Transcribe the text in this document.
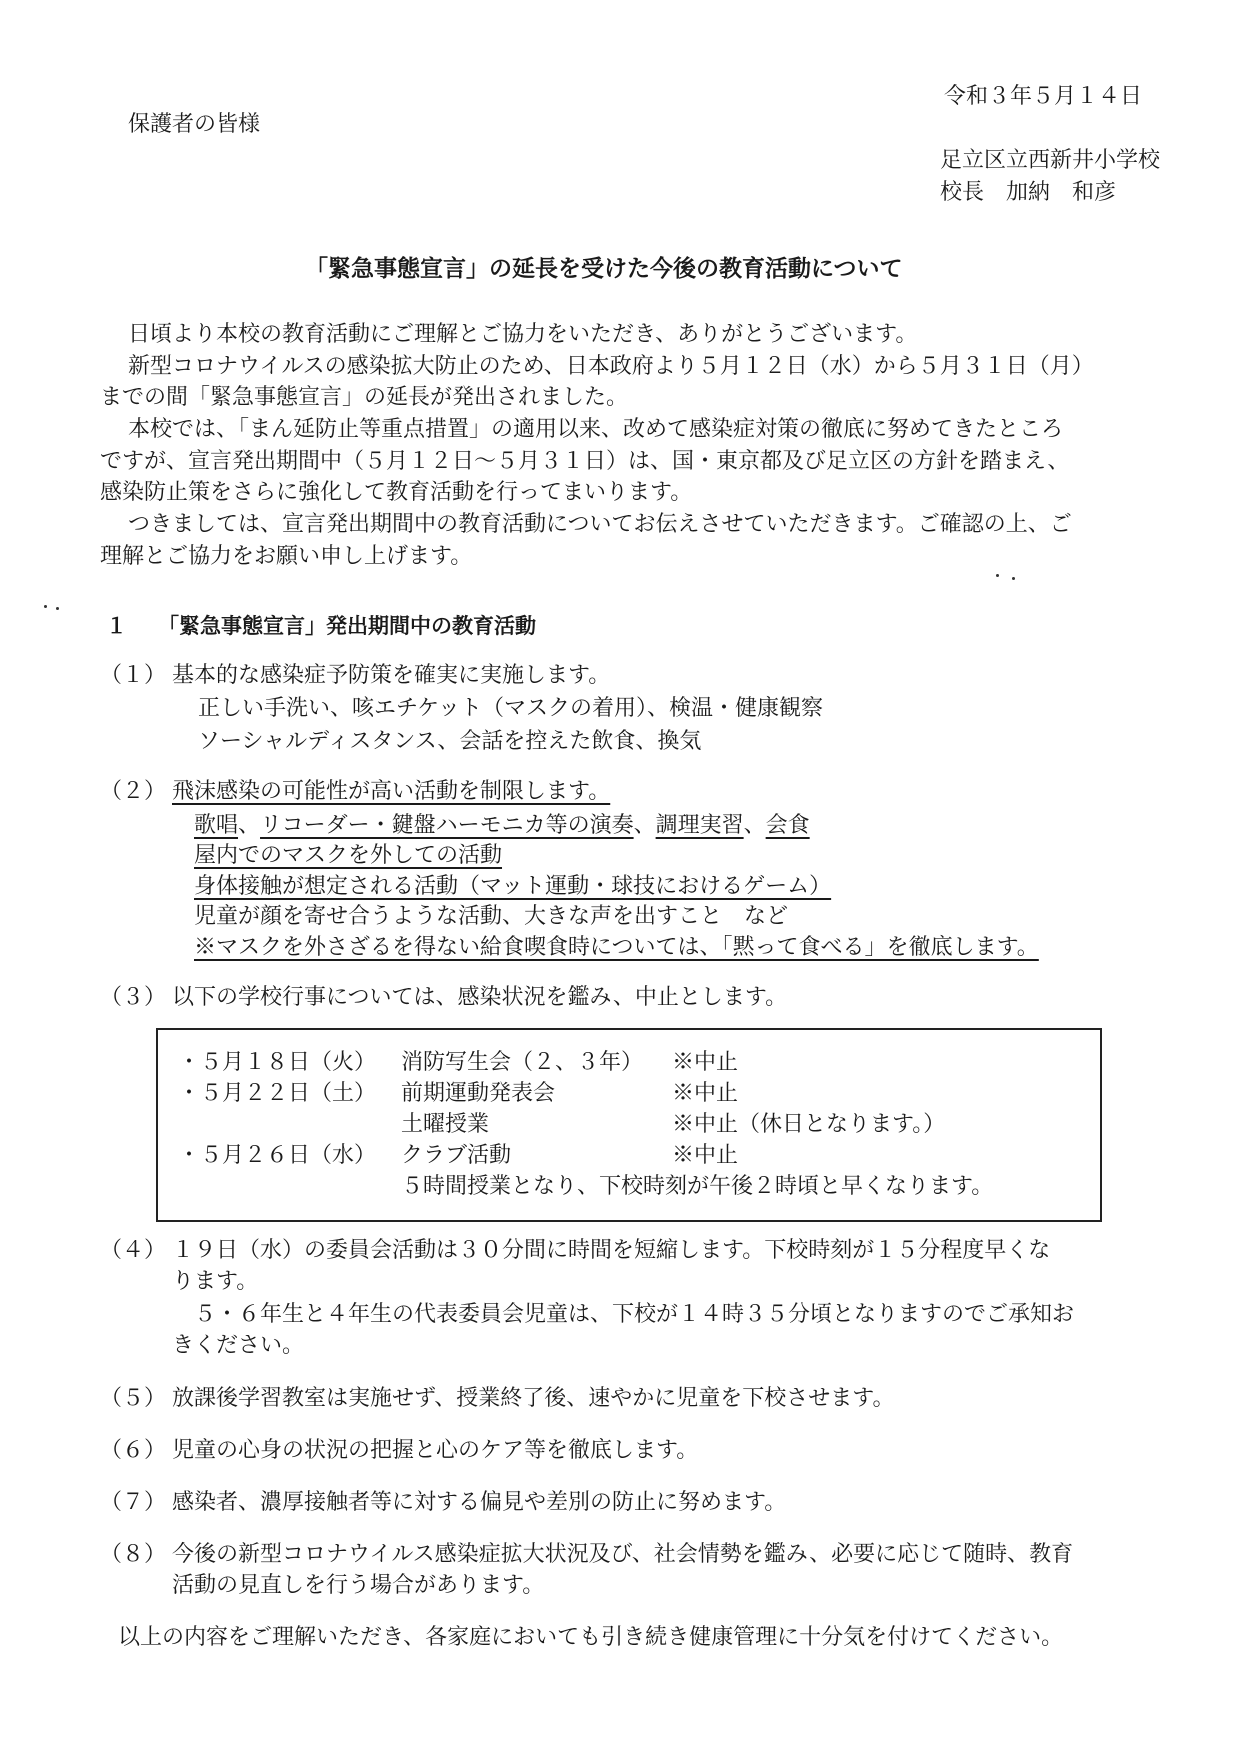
保護者の皆様
令和３年５月１４日
足立区立西新井小学校
校長　加納　和彦
「緊急事態宣言」の延長を受けた今後の教育活動について
日頃より本校の教育活動にご理解とご協力をいただき、ありがとうございます。
新型コロナウイルスの感染拡大防止のため、日本政府より５月１２日（水）から５月３１日（月）
までの間「緊急事態宣言」の延長が発出されました。
本校では、「まん延防止等重点措置」の適用以来、改めて感染症対策の徹底に努めてきたところ
ですが、宣言発出期間中（５月１２日～５月３１日）は、国・東京都及び足立区の方針を踏まえ、
感染防止策をさらに強化して教育活動を行ってまいります。
つきましては、宣言発出期間中の教育活動についてお伝えさせていただきます。ご確認の上、ご
理解とご協力をお願い申し上げます。
１ 「緊急事態宣言」発出期間中の教育活動
（１） 基本的な感染症予防策を確実に実施します。
正しい手洗い、咳エチケット（マスクの着用）、検温・健康観察
ソーシャルディスタンス、会話を控えた飲食、換気
（２） 飛沫感染の可能性が高い活動を制限します。
歌唱、リコーダー・鍵盤ハーモニカ等の演奏、調理実習、会食
屋内でのマスクを外しての活動
身体接触が想定される活動（マット運動・球技におけるゲーム）
児童が顔を寄せ合うような活動、大きな声を出すこと　など
※マスクを外さざるを得ない給食喫食時については、「黙って食べる」を徹底します。
（３） 以下の学校行事については、感染状況を鑑み、中止とします。
・５月１８日（火） 消防写生会（２、３年） ※中止
・５月２２日（土） 前期運動発表会	※中止
土曜授業	※中止（休日となります。）
・５月２６日（水） クラブ活動	※中止
５時間授業となり、下校時刻が午後２時頃と早くなります。
（４） １９日（水）の委員会活動は３０分間に時間を短縮します。下校時刻が１５分程度早くな
ります。
５・６年生と４年生の代表委員会児童は、下校が１４時３５分頃となりますのでご承知お
きください。
（５） 放課後学習教室は実施せず、授業終了後、速やかに児童を下校させます。
（６） 児童の心身の状況の把握と心のケア等を徹底します。
（７） 感染者、濃厚接触者等に対する偏見や差別の防止に努めます。
（８） 今後の新型コロナウイルス感染症拡大状況及び、社会情勢を鑑み、必要に応じて随時、教育
活動の見直しを行う場合があります。
以上の内容をご理解いただき、各家庭においても引き続き健康管理に十分気を付けてください。
